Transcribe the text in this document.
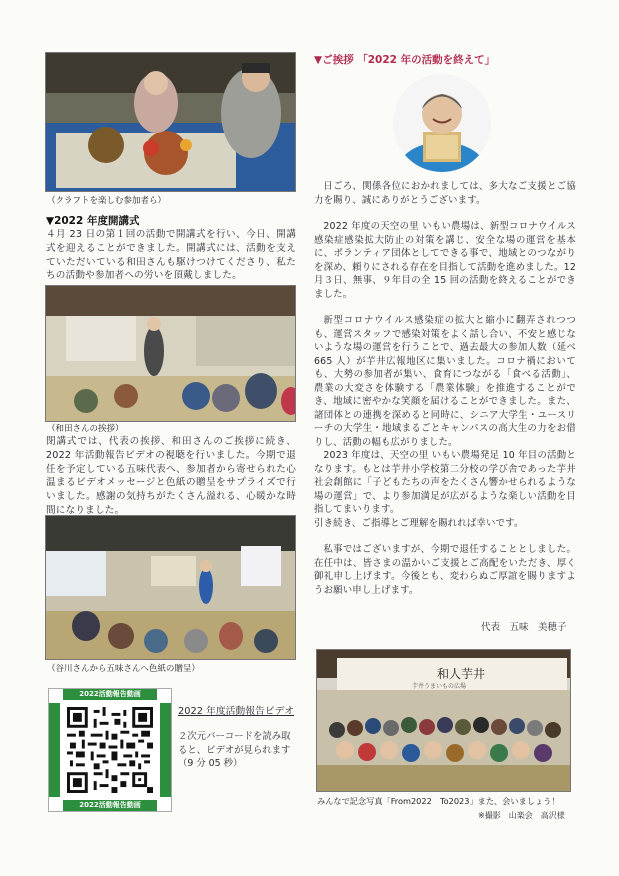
（クラフトを楽しむ参加者ら）
▼2022 年度開講式

４月 23 日の第１回の活動で開講式を行い、今日、開講式を迎えることができました。開講式には、活動を支えていただいている和田さんも駆けつけてくださり、私たちの活動や参加者への労いを頂戴しました。

（和田さんの挨拶）

閉講式では、代表の挨拶、和田さんのご挨拶に続き、2022 年活動報告ビデオの視聴を行いました。今期で退任を予定している五味代表へ、参加者から寄せられた心温まるビデオメッセージと色紙の贈呈をサプライズで行いました。感謝の気持ちがたくさん溢れる、心暖かな時間になりました。

（谷川さんから五味さんへ色紙の贈呈）
2022活動報告動画
2022活動報告動画
2022 年度活動報告ビデオ
２次元バーコードを読み取ると、ビデオが見られます（9 分 05 秒）
▼ご挨拶 「2022 年の活動を終えて」

日ごろ、関係各位におかれましては、多大なご支援とご協力を賜り、誠にありがとうございます。

2022 年度の天空の里 いもい農場は、新型コロナウイルス感染症感染拡大防止の対策を講じ、安全な場の運営を基本に、ボランティア団体としてできる事で、地域とのつながりを深め、頼りにされる存在を目指して活動を進めました。12 月３日、無事、９年目の全 15 回の活動を終えることができました。

新型コロナウイルス感染症の拡大と縮小に翻弄されつつも、運営スタッフで感染対策をよく話し合い、不安と感じないような場の運営を行うことで、過去最大の参加人数（延べ 665 人）が芋井広報地区に集いました。コロナ禍においても、大勢の参加者が集い、食育につながる「食べる活動」、農業の大変さを体験する「農業体験」を推進することができ、地域に密やかな笑顔を届けることができました。また、諸団体との連携を深めると同時に、シニア大学生・ユースリーチの大学生・地域まるごとキャンパスの高大生の力をお借りし、活動の幅も広がりました。

2023 年度は、天空の里 いもい農場発足 10 年目の活動となります。もとは芋井小学校第二分校の学び舎であった芋井社会創館に「子どもたちの声をたくさん響かせられるような場の運営」で、より参加満足が広がるような楽しい活動を目指してまいります。

引き続き、ご指導とご理解を賜れれば幸いです。

私事ではございますが、今期で退任することとしました。在任中は、皆さまの温かいご支援とご高配をいただき、厚く御礼申し上げます。今後とも、変わらぬご厚誼を賜りますようお願い申し上げます。

代表　五味　美穂子
和人芋井
芋井うまいもの広場
みんなで記念写真「From2022　To2023」また、会いましょう！
※撮影　山楽会　高沢様
